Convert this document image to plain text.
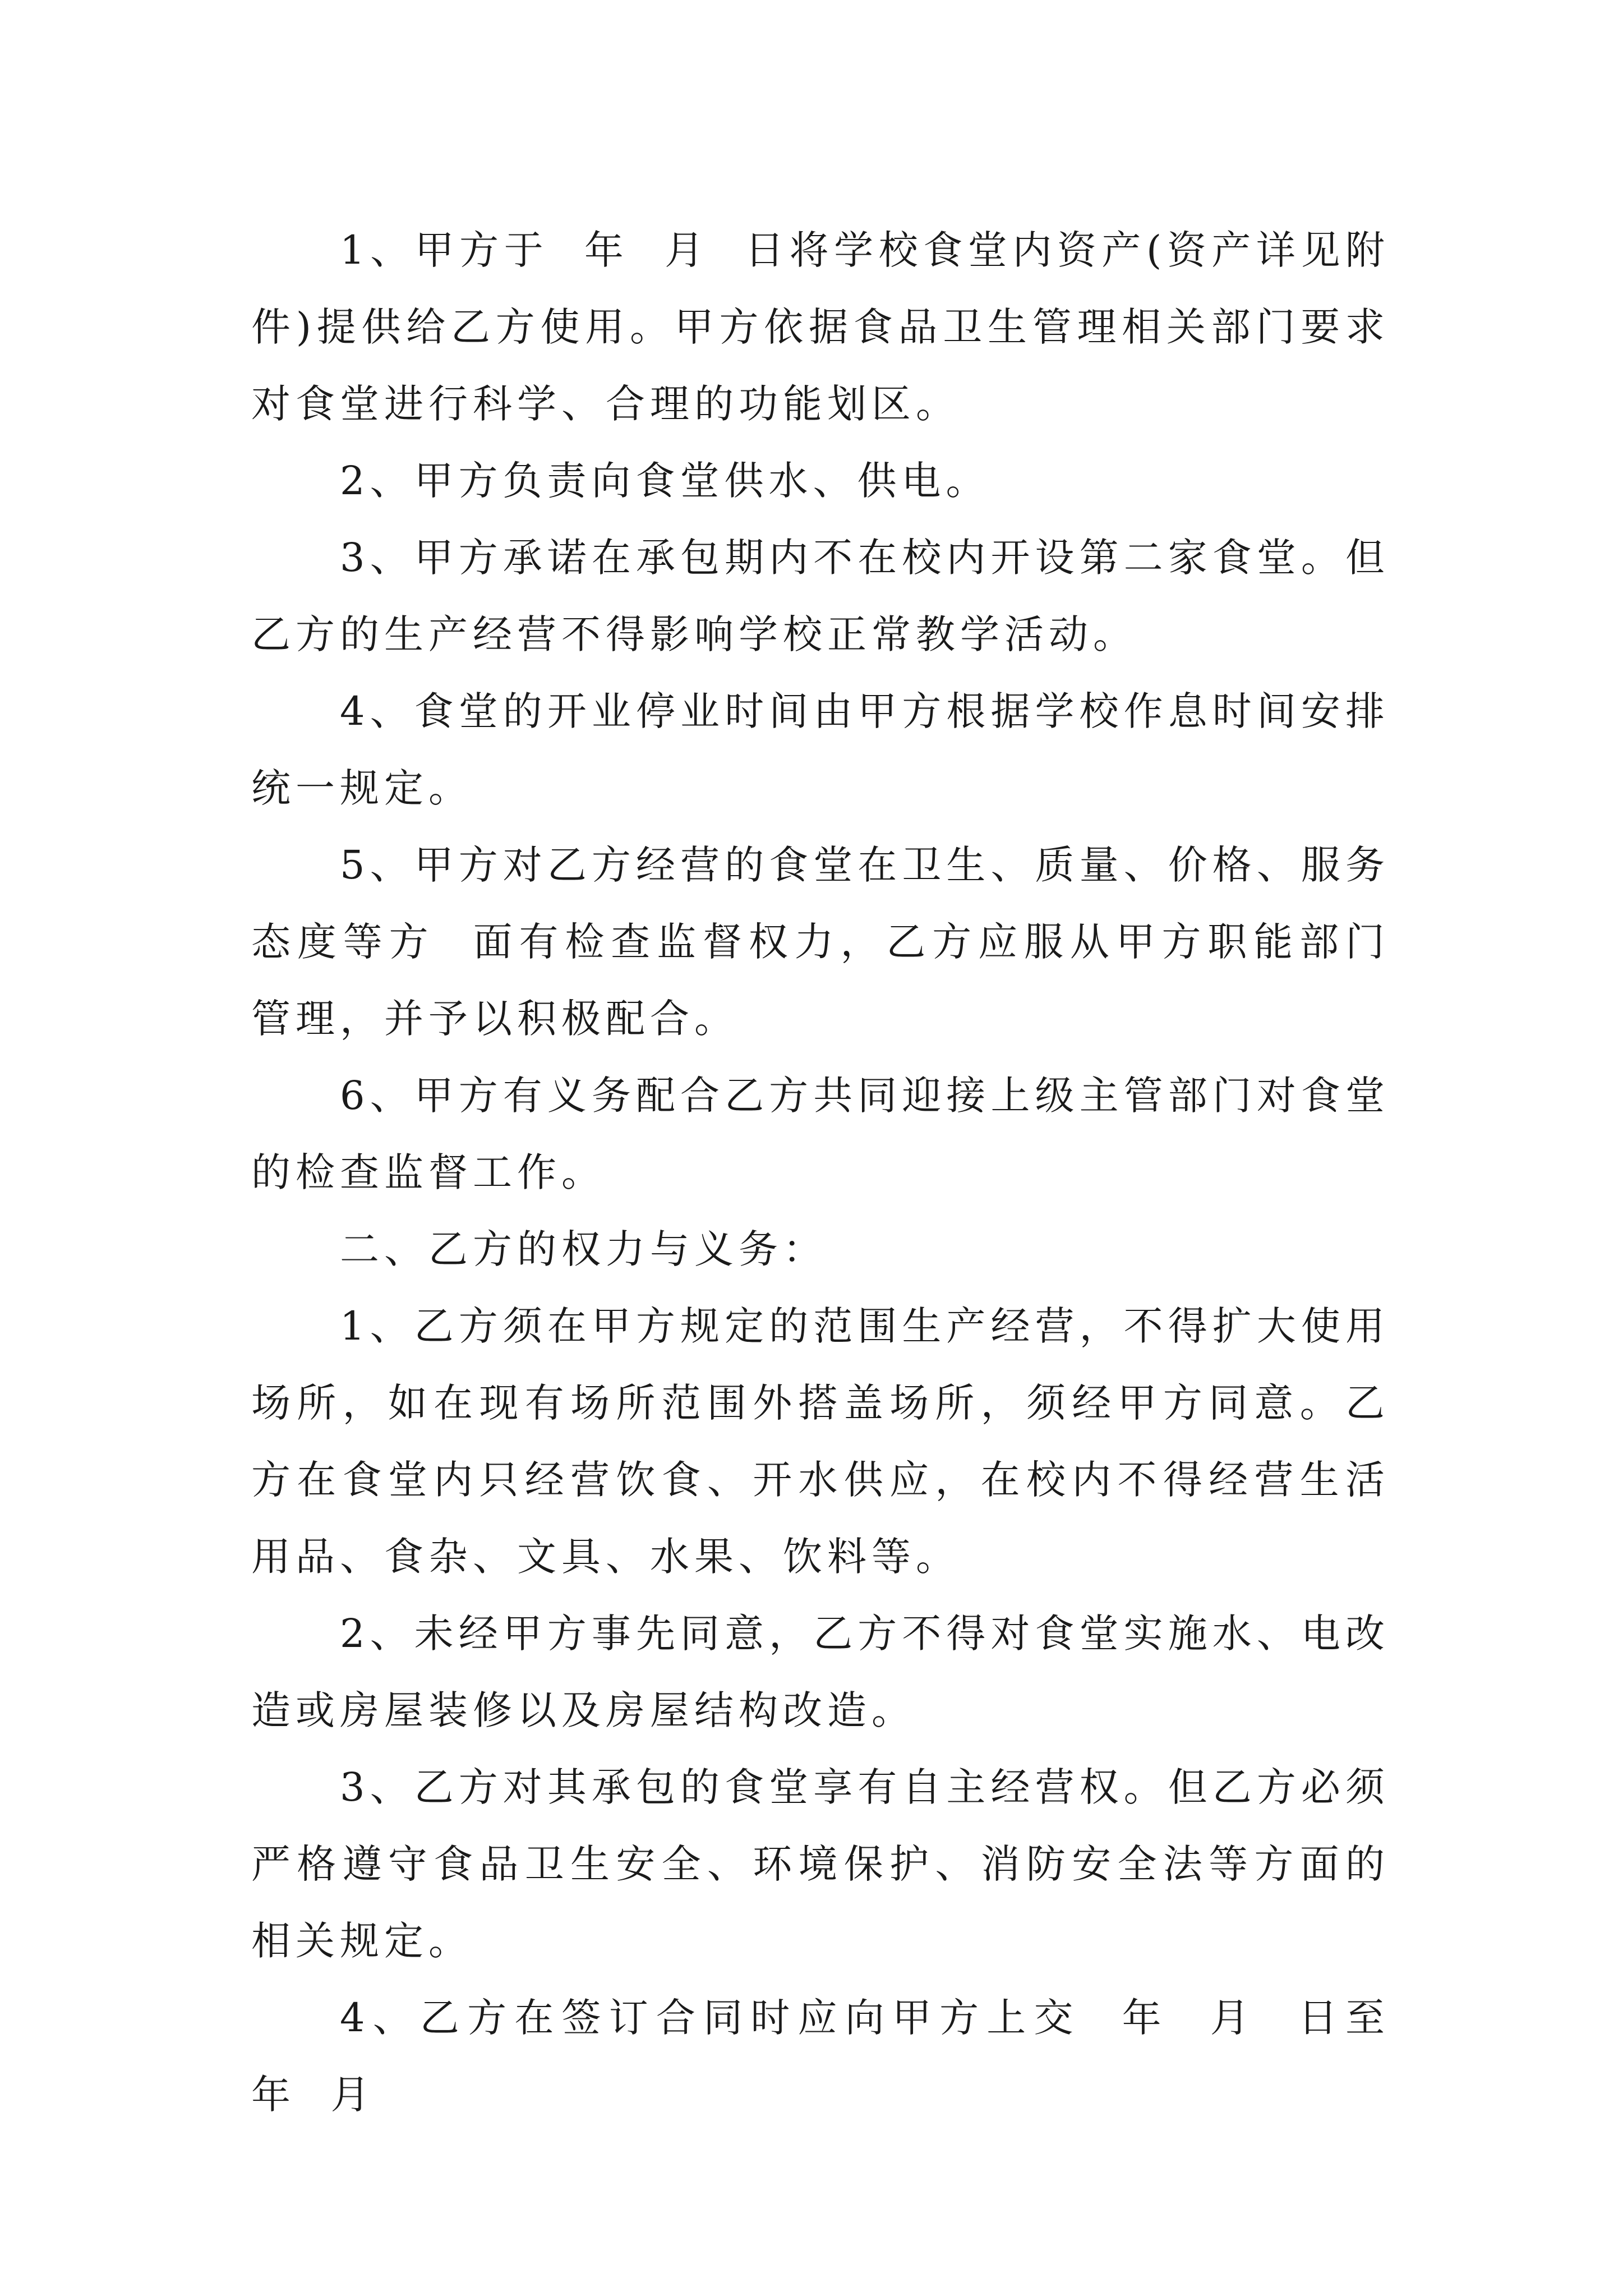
1、甲方于  年  月  日将学校食堂内资产(资产详见附件)提供给乙方使用。甲方依据食品卫生管理相关部门要求对食堂进行科学、合理的功能划区。

2、甲方负责向食堂供水、供电。

3、甲方承诺在承包期内不在校内开设第二家食堂。但乙方的生产经营不得影响学校正常教学活动。

4、食堂的开业停业时间由甲方根据学校作息时间安排统一规定。

5、甲方对乙方经营的食堂在卫生、质量、价格、服务态度等方  面有检查监督权力，乙方应服从甲方职能部门管理，并予以积极配合。

6、甲方有义务配合乙方共同迎接上级主管部门对食堂的检查监督工作。

二、乙方的权力与义务：

1、乙方须在甲方规定的范围生产经营，不得扩大使用场所，如在现有场所范围外搭盖场所，须经甲方同意。乙方在食堂内只经营饮食、开水供应，在校内不得经营生活用品、食杂、文具、水果、饮料等。

2、未经甲方事先同意，乙方不得对食堂实施水、电改造或房屋装修以及房屋结构改造。

3、乙方对其承包的食堂享有自主经营权。但乙方必须严格遵守食品卫生安全、环境保护、消防安全法等方面的相关规定。

4、乙方在签订合同时应向甲方上交  年  月  日至  年  月
